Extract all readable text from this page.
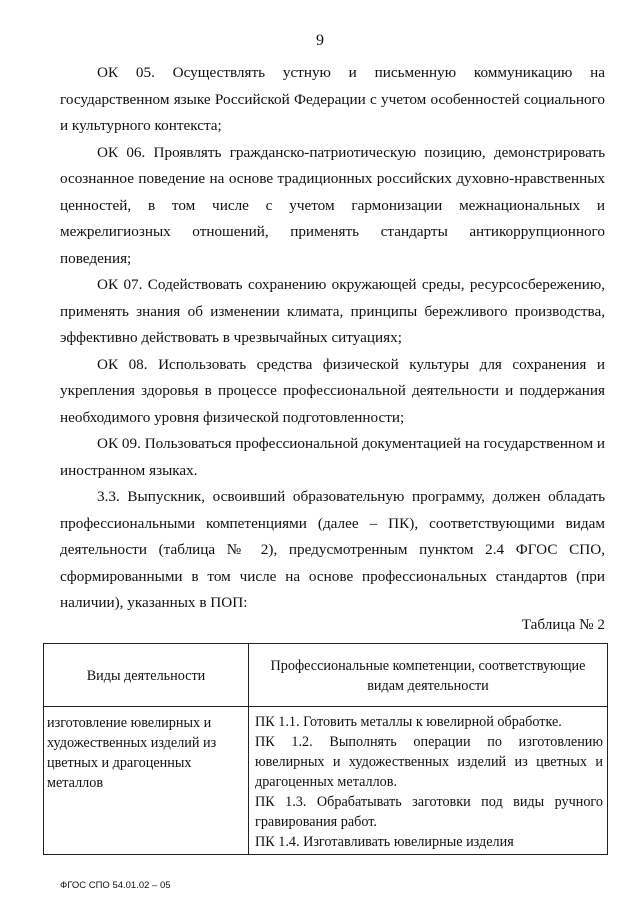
9

ОК 05. Осуществлять устную и письменную коммуникацию на государственном языке Российской Федерации с учетом особенностей социального и культурного контекста;

ОК 06. Проявлять гражданско-патриотическую позицию, демонстрировать осознанное поведение на основе традиционных российских духовно-нравственных ценностей, в том числе с учетом гармонизации межнациональных и межрелигиозных отношений, применять стандарты антикоррупционного поведения;

ОК 07. Содействовать сохранению окружающей среды, ресурсосбережению, применять знания об изменении климата, принципы бережливого производства, эффективно действовать в чрезвычайных ситуациях;

ОК 08. Использовать средства физической культуры для сохранения и укрепления здоровья в процессе профессиональной деятельности и поддержания необходимого уровня физической подготовленности;

ОК 09. Пользоваться профессиональной документацией на государственном и иностранном языках.

3.3. Выпускник, освоивший образовательную программу, должен обладать профессиональными компетенциями (далее – ПК), соответствующими видам деятельности (таблица № 2), предусмотренным пунктом 2.4 ФГОС СПО, сформированными в том числе на основе профессиональных стандартов (при наличии), указанных в ПОП:

Таблица № 2
Виды деятельности	Профессиональные компетенции, соответствующие видам деятельности
изготовление ювелирных и художественных изделий из цветных и драгоценных металлов	ПК 1.1. Готовить металлы к ювелирной обработке.
ПК 1.2. Выполнять операции по изготовлению ювелирных и художественных изделий из цветных и драгоценных металлов.
ПК 1.3. Обрабатывать заготовки под виды ручного гравирования работ.
ПК 1.4. Изготавливать ювелирные изделия
ФГОС СПО 54.01.02 – 05
